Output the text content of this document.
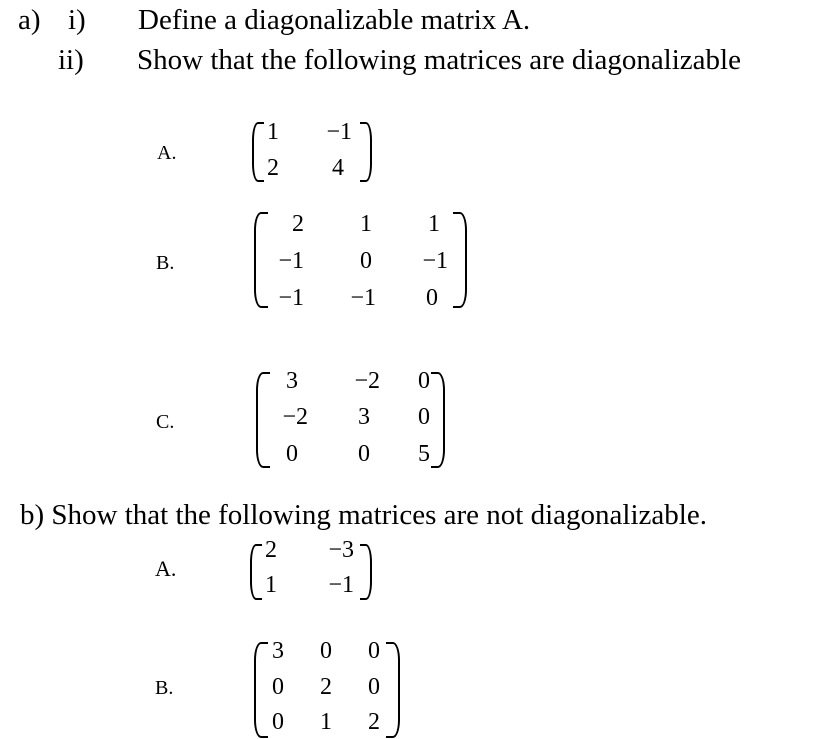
a) i) Define a diagonalizable matrix A.
ii) Show that the following matrices are diagonalizable
A.
1	−1
2	4
B.
2	1	1
−1	0	−1
−1	−1	0
C.
3	−2	0
−2	3	0
0	0	5
b) Show that the following matrices are not diagonalizable.
A.
2	−3
1	−1
B.
3	0	0
0	2	0
0	1	2
